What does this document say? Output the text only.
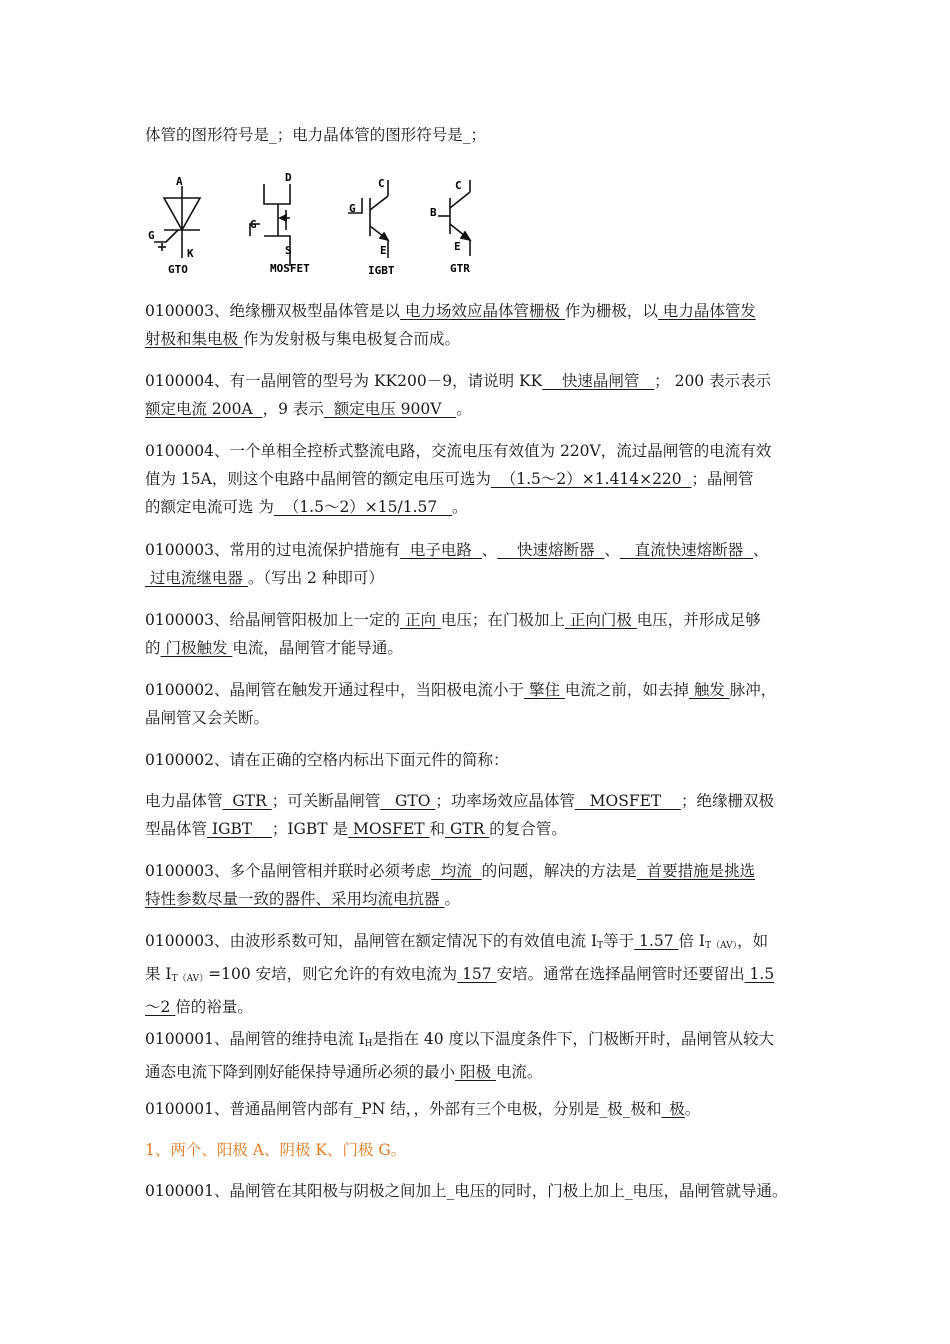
体管的图形符号是_；电力晶体管的图形符号是_；
0100003、绝缘栅双极型晶体管是以 电力场效应晶体管栅极 作为栅极，以 电力晶体管发
射极和集电极 作为发射极与集电极复合而成。
0100004、有一晶闸管的型号为 KK200－9，请说明 KK    快速晶闸管   ； 200 表示表示
额定电流 200A  ，9 表示  额定电压 900V   。
0100004、一个单相全控桥式整流电路，交流电压有效值为 220V，流过晶闸管的电流有效
值为 15A，则这个电路中晶闸管的额定电压可选为  （1.5～2）×1.414×220  ；晶闸管
的额定电流可选 为  （1.5～2）×15/1.57   。
0100003、常用的过电流保护措施有  电子电路  、    快速熔断器  、   直流快速熔断器  、
过电流继电器 。（写出 2 种即可）
0100003、给晶闸管阳极加上一定的 正向 电压；在门极加上 正向门极 电压，并形成足够
的 门极触发 电流，晶闸管才能导通。
0100002、晶闸管在触发开通过程中，当阳极电流小于 擎住 电流之前，如去掉 触发 脉冲，
晶闸管又会关断。
0100002、请在正确的空格内标出下面元件的简称：
电力晶体管  GTR ；可关断晶闸管   GTO ；功率场效应晶体管   MOSFET    ；绝缘栅双极
型晶体管 IGBT    ；IGBT 是 MOSFET 和 GTR 的复合管。
0100003、多个晶闸管相并联时必须考虑  均流  的问题，解决的方法是  首要措施是挑选
特性参数尽量一致的器件、采用均流电抗器 。
0100003、由波形系数可知，晶闸管在额定情况下的有效值电流 $I_T$等于 1.57 倍 $I_{T(AV)}$，如
果 $I_{T(AV)}=100$ 安培，则它允许的有效电流为 157 安培。通常在选择晶闸管时还要留出 1.5
～2 倍的裕量。
0100001、晶闸管的维持电流 $I_H$是指在 40 度以下温度条件下，门极断开时，晶闸管从较大
通态电流下降到刚好能保持导通所必须的最小 阳极 电流。
0100001、普通晶闸管内部有_PN 结，，外部有三个电极，分别是_极_极和_极。
1、两个、阳极 A、阴极 K、门极 G。
0100001、晶闸管在其阳极与阴极之间加上_电压的同时，门极上加上_电压，晶闸管就导通。
A
G
K
GTO
D
G
S
MOSFET
C
G
E
IGBT
C
B
E
GTR
